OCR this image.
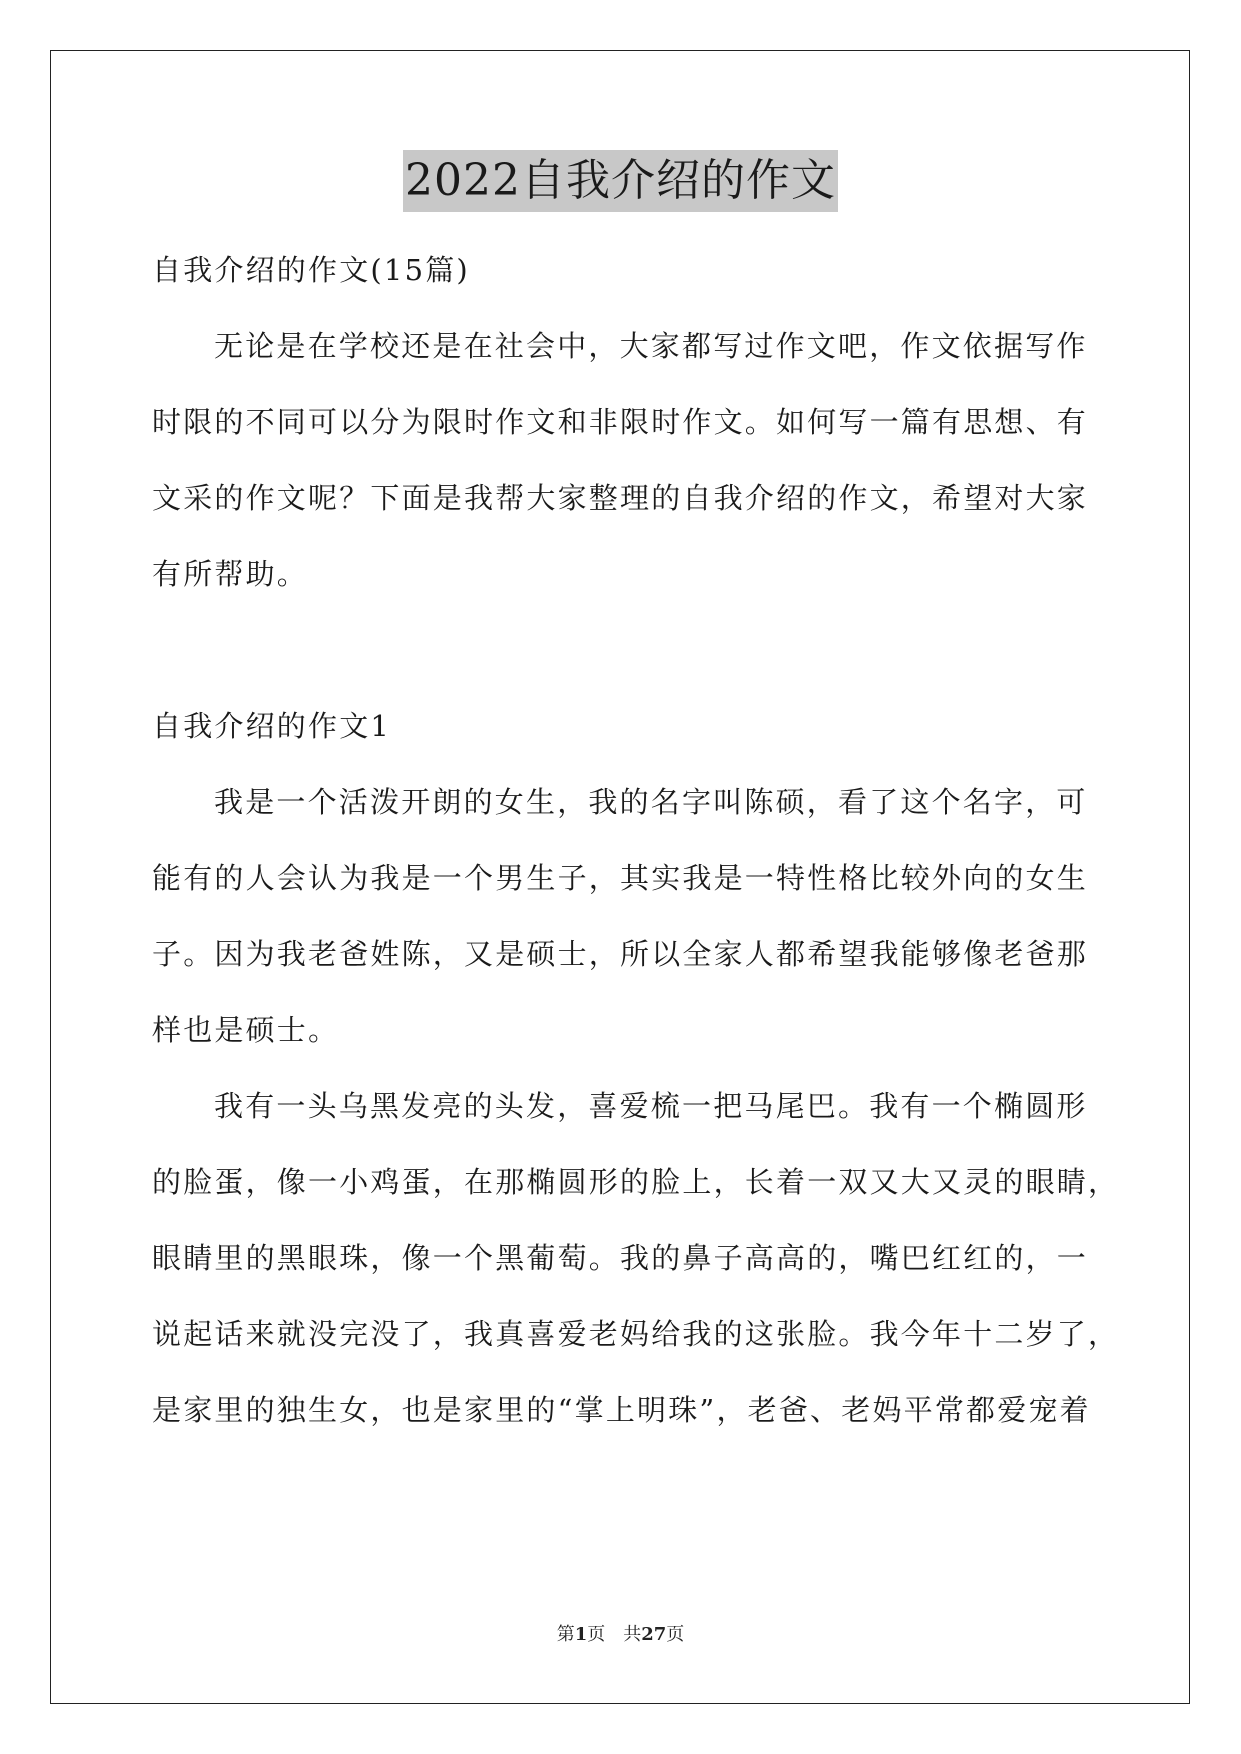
2022自我介绍的作文
自我介绍的作文(15篇)
无论是在学校还是在社会中，大家都写过作文吧，作文依据写作
时限的不同可以分为限时作文和非限时作文。如何写一篇有思想、有
文采的作文呢？下面是我帮大家整理的自我介绍的作文，希望对大家
有所帮助。
自我介绍的作文1
我是一个活泼开朗的女生，我的名字叫陈硕，看了这个名字，可
能有的人会认为我是一个男生子，其实我是一特性格比较外向的女生
子。因为我老爸姓陈，又是硕士，所以全家人都希望我能够像老爸那
样也是硕士。
我有一头乌黑发亮的头发，喜爱梳一把马尾巴。我有一个椭圆形
的脸蛋，像一小鸡蛋，在那椭圆形的脸上，长着一双又大又灵的眼睛，
眼睛里的黑眼珠，像一个黑葡萄。我的鼻子高高的，嘴巴红红的，一
说起话来就没完没了，我真喜爱老妈给我的这张脸。我今年十二岁了，
是家里的独生女，也是家里的“掌上明珠”，老爸、老妈平常都爱宠着
第1页　共27页
